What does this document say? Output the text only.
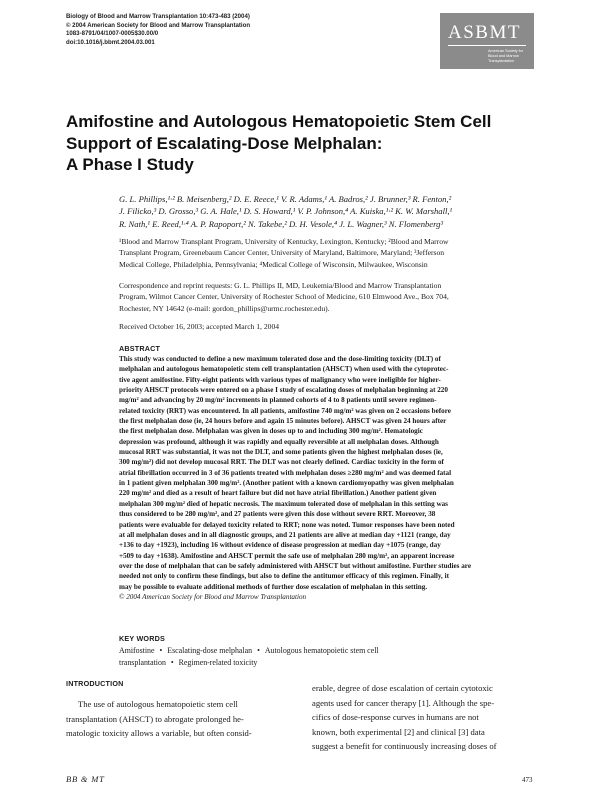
Biology of Blood and Marrow Transplantation 10:473-483 (2004)
© 2004 American Society for Blood and Marrow Transplantation
1083-8791/04/1007-0005$30.00/0
doi:10.1016/j.bbmt.2004.03.001	ASBMT
American Society for Blood and Marrow Transplantation
Amifostine and Autologous Hematopoietic Stem Cell
Support of Escalating-Dose Melphalan:
A Phase I Study
G. L. Phillips,¹·² B. Meisenberg,² D. E. Reece,¹ V. R. Adams,¹ A. Badros,² J. Brunner,³ R. Fenton,²
J. Filicko,³ D. Grosso,³ G. A. Hale,¹ D. S. Howard,¹ V. P. Johnson,⁴ A. Kuiska,¹·² K. W. Marshall,¹
R. Nath,¹ E. Reed,¹·⁴ A. P. Rapoport,² N. Takebe,² D. H. Vesole,⁴ J. L. Wagner,³ N. Flomenberg³
¹Blood and Marrow Transplant Program, University of Kentucky, Lexington, Kentucky; ²Blood and Marrow
Transplant Program, Greenebaum Cancer Center, University of Maryland, Baltimore, Maryland; ³Jefferson
Medical College, Philadelphia, Pennsylvania; ⁴Medical College of Wisconsin, Milwaukee, Wisconsin
Correspondence and reprint requests: G. L. Phillips II, MD, Leukemia/Blood and Marrow Transplantation
Program, Wilmot Cancer Center, University of Rochester School of Medicine, 610 Elmwood Ave., Box 704,
Rochester, NY 14642 (e-mail: gordon_phillips@urmc.rochester.edu).
Received October 16, 2003; accepted March 1, 2004
ABSTRACT
This study was conducted to define a new maximum tolerated dose and the dose-limiting toxicity (DLT) of
melphalan and autologous hematopoietic stem cell transplantation (AHSCT) when used with the cytoprotec-
tive agent amifostine. Fifty-eight patients with various types of malignancy who were ineligible for higher-
priority AHSCT protocols were entered on a phase I study of escalating doses of melphalan beginning at 220
mg/m² and advancing by 20 mg/m² increments in planned cohorts of 4 to 8 patients until severe regimen-
related toxicity (RRT) was encountered. In all patients, amifostine 740 mg/m² was given on 2 occasions before
the first melphalan dose (ie, 24 hours before and again 15 minutes before). AHSCT was given 24 hours after
the first melphalan dose. Melphalan was given in doses up to and including 300 mg/m². Hematologic
depression was profound, although it was rapidly and equally reversible at all melphalan doses. Although
mucosal RRT was substantial, it was not the DLT, and some patients given the highest melphalan doses (ie,
300 mg/m²) did not develop mucosal RRT. The DLT was not clearly defined. Cardiac toxicity in the form of
atrial fibrillation occurred in 3 of 36 patients treated with melphalan doses ≥280 mg/m² and was deemed fatal
in 1 patient given melphalan 300 mg/m². (Another patient with a known cardiomyopathy was given melphalan
220 mg/m² and died as a result of heart failure but did not have atrial fibrillation.) Another patient given
melphalan 300 mg/m² died of hepatic necrosis. The maximum tolerated dose of melphalan in this setting was
thus considered to be 280 mg/m², and 27 patients were given this dose without severe RRT. Moreover, 38
patients were evaluable for delayed toxicity related to RRT; none was noted. Tumor responses have been noted
at all melphalan doses and in all diagnostic groups, and 21 patients are alive at median day +1121 (range, day
+136 to day +1923), including 16 without evidence of disease progression at median day +1075 (range, day
+509 to day +1638). Amifostine and AHSCT permit the safe use of melphalan 280 mg/m², an apparent increase
over the dose of melphalan that can be safely administered with AHSCT but without amifostine. Further studies are
needed not only to confirm these findings, but also to define the antitumor efficacy of this regimen. Finally, it
may be possible to evaluate additional methods of further dose escalation of melphalan in this setting.
© 2004 American Society for Blood and Marrow Transplantation
KEY WORDS
Amifostine • Escalating-dose melphalan • Autologous hematopoietic stem cell
transplantation • Regimen-related toxicity
INTRODUCTION
The use of autologous hematopoietic stem cell
transplantation (AHSCT) to abrogate prolonged he-
matologic toxicity allows a variable, but often consid-
erable, degree of dose escalation of certain cytotoxic
agents used for cancer therapy [1]. Although the spe-
cifics of dose-response curves in humans are not
known, both experimental [2] and clinical [3] data
suggest a benefit for continuously increasing doses of
BB & MT	473
